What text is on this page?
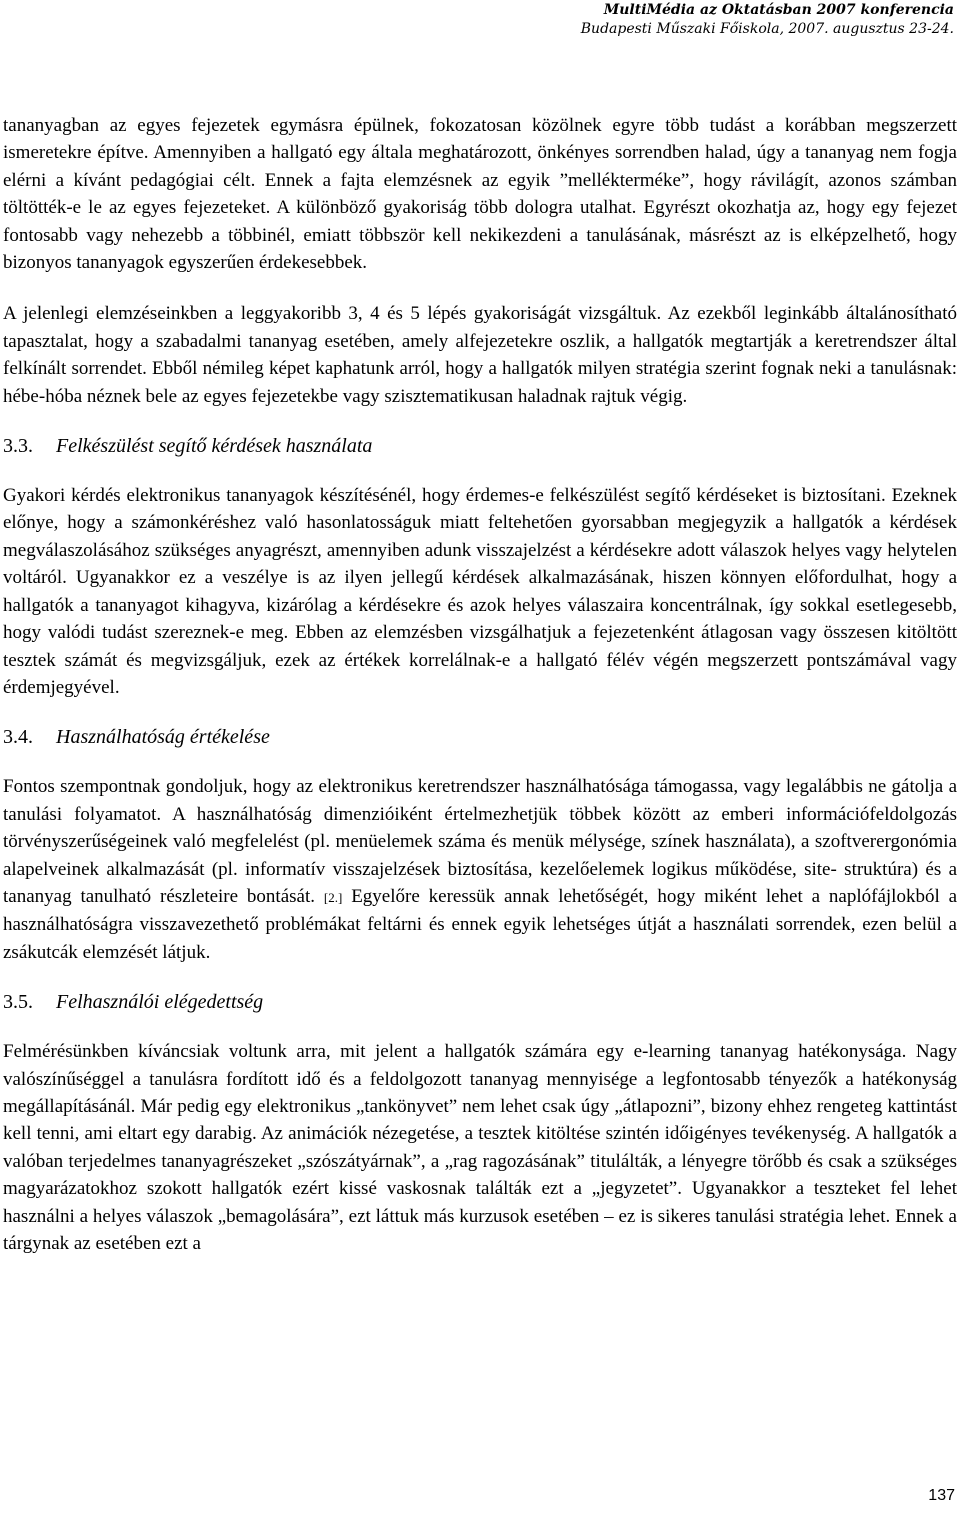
MultiMédia az Oktatásban 2007 konferencia
Budapesti Műszaki Főiskola, 2007. augusztus 23-24.

tananyagban az egyes fejezetek egymásra épülnek, fokozatosan közölnek egyre több tudást a korábban megszerzett ismeretekre építve. Amennyiben a hallgató egy általa meghatározott, önkényes sorrendben halad, úgy a tananyag nem fogja elérni a kívánt pedagógiai célt. Ennek a fajta elemzésnek az egyik ”mellékterméke”, hogy rávilágít, azonos számban töltötték-e le az egyes fejezeteket. A különböző gyakoriság több dologra utalhat. Egyrészt okozhatja az, hogy egy fejezet fontosabb vagy nehezebb a többinél, emiatt többször kell nekikezdeni a tanulásának, másrészt az is elképzelhető, hogy bizonyos tananyagok egyszerűen érdekesebbek.

A jelenlegi elemzéseinkben a leggyakoribb 3, 4 és 5 lépés gyakoriságát vizsgáltuk. Az ezekből leginkább általánosítható tapasztalat, hogy a szabadalmi tananyag esetében, amely alfejezetekre oszlik, a hallgatók megtartják a keretrendszer által felkínált sorrendet. Ebből némileg képet kaphatunk arról, hogy a hallgatók milyen stratégia szerint fognak neki a tanulásnak: hébe-hóba néznek bele az egyes fejezetekbe vagy szisztematikusan haladnak rajtuk végig.

3.3. Felkészülést segítő kérdések használata

Gyakori kérdés elektronikus tananyagok készítésénél, hogy érdemes-e felkészülést segítő kérdéseket is biztosítani. Ezeknek előnye, hogy a számonkéréshez való hasonlatosságuk miatt feltehetően gyorsabban megjegyzik a hallgatók a kérdések megválaszolásához szükséges anyagrészt, amennyiben adunk visszajelzést a kérdésekre adott válaszok helyes vagy helytelen voltáról. Ugyanakkor ez a veszélye is az ilyen jellegű kérdések alkalmazásának, hiszen könnyen előfordulhat, hogy a hallgatók a tananyagot kihagyva, kizárólag a kérdésekre és azok helyes válaszaira koncentrálnak, így sokkal esetlegesebb, hogy valódi tudást szereznek-e meg. Ebben az elemzésben vizsgálhatjuk a fejezetenként átlagosan vagy összesen kitöltött tesztek számát és megvizsgáljuk, ezek az értékek korrelálnak-e a hallgató félév végén megszerzett pontszámával vagy érdemjegyével.

3.4. Használhatóság értékelése

Fontos szempontnak gondoljuk, hogy az elektronikus keretrendszer használhatósága támogassa, vagy legalábbis ne gátolja a tanulási folyamatot. A használhatóság dimenzióiként értelmezhetjük többek között az emberi információfeldolgozás törvényszerűségeinek való megfelelést (pl. menüelemek száma és menük mélysége, színek használata), a szoftverergonómia alapelveinek alkalmazását (pl. informatív visszajelzések biztosítása, kezelőelemek logikus működése, site- struktúra) és a tananyag tanulható részleteire bontását. [2.] Egyelőre keressük annak lehetőségét, hogy miként lehet a naplófájlokból a használhatóságra visszavezethető problémákat feltárni és ennek egyik lehetséges útját a használati sorrendek, ezen belül a zsákutcák elemzését látjuk.

3.5. Felhasználói elégedettség

Felmérésünkben kíváncsiak voltunk arra, mit jelent a hallgatók számára egy e-learning tananyag hatékonysága. Nagy valószínűséggel a tanulásra fordított idő és a feldolgozott tananyag mennyisége a legfontosabb tényezők a hatékonyság megállapításánál. Már pedig egy elektronikus „tankönyvet” nem lehet csak úgy „átlapozni”, bizony ehhez rengeteg kattintást kell tenni, ami eltart egy darabig. Az animációk nézegetése, a tesztek kitöltése szintén időigényes tevékenység. A hallgatók a valóban terjedelmes tananyagrészeket „szószátyárnak”, a „rag ragozásának” titulálták, a lényegre törőbb és csak a szükséges magyarázatokhoz szokott hallgatók ezért kissé vaskosnak találták ezt a „jegyzetet”. Ugyanakkor a teszteket fel lehet használni a helyes válaszok „bemagolására”, ezt láttuk más kurzusok esetében – ez is sikeres tanulási stratégia lehet. Ennek a tárgynak az esetében ezt a

137
